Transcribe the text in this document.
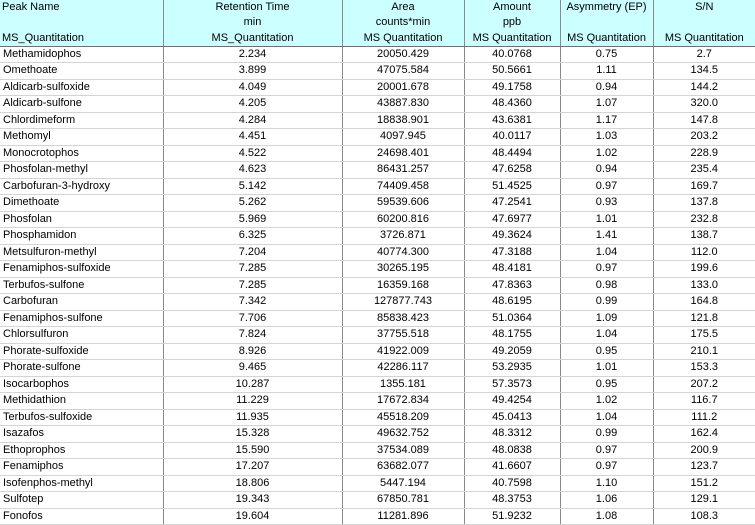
Peak Name	Retention Time	Area	Amount	Asymmetry (EP)	S/N
	min	counts*min	ppb		
MS_Quantitation	MS_Quantitation	MS Quantitation	MS Quantitation	MS Quantitation	MS Quantitation
Methamidophos	2.234	20050.429	40.0768	0.75	2.7
Omethoate	3.899	47075.584	50.5661	1.11	134.5
Aldicarb-sulfoxide	4.049	20001.678	49.1758	0.94	144.2
Aldicarb-sulfone	4.205	43887.830	48.4360	1.07	320.0
Chlordimeform	4.284	18838.901	43.6381	1.17	147.8
Methomyl	4.451	4097.945	40.0117	1.03	203.2
Monocrotophos	4.522	24698.401	48.4494	1.02	228.9
Phosfolan-methyl	4.623	86431.257	47.6258	0.94	235.4
Carbofuran-3-hydroxy	5.142	74409.458	51.4525	0.97	169.7
Dimethoate	5.262	59539.606	47.2541	0.93	137.8
Phosfolan	5.969	60200.816	47.6977	1.01	232.8
Phosphamidon	6.325	3726.871	49.3624	1.41	138.7
Metsulfuron-methyl	7.204	40774.300	47.3188	1.04	112.0
Fenamiphos-sulfoxide	7.285	30265.195	48.4181	0.97	199.6
Terbufos-sulfone	7.285	16359.168	47.8363	0.98	133.0
Carbofuran	7.342	127877.743	48.6195	0.99	164.8
Fenamiphos-sulfone	7.706	85838.423	51.0364	1.09	121.8
Chlorsulfuron	7.824	37755.518	48.1755	1.04	175.5
Phorate-sulfoxide	8.926	41922.009	49.2059	0.95	210.1
Phorate-sulfone	9.465	42286.117	53.2935	1.01	153.3
Isocarbophos	10.287	1355.181	57.3573	0.95	207.2
Methidathion	11.229	17672.834	49.4254	1.02	116.7
Terbufos-sulfoxide	11.935	45518.209	45.0413	1.04	111.2
Isazafos	15.328	49632.752	48.3312	0.99	162.4
Ethoprophos	15.590	37534.089	48.0838	0.97	200.9
Fenamiphos	17.207	63682.077	41.6607	0.97	123.7
Isofenphos-methyl	18.806	5447.194	40.7598	1.10	151.2
Sulfotep	19.343	67850.781	48.3753	1.06	129.1
Fonofos	19.604	11281.896	51.9232	1.08	108.3
